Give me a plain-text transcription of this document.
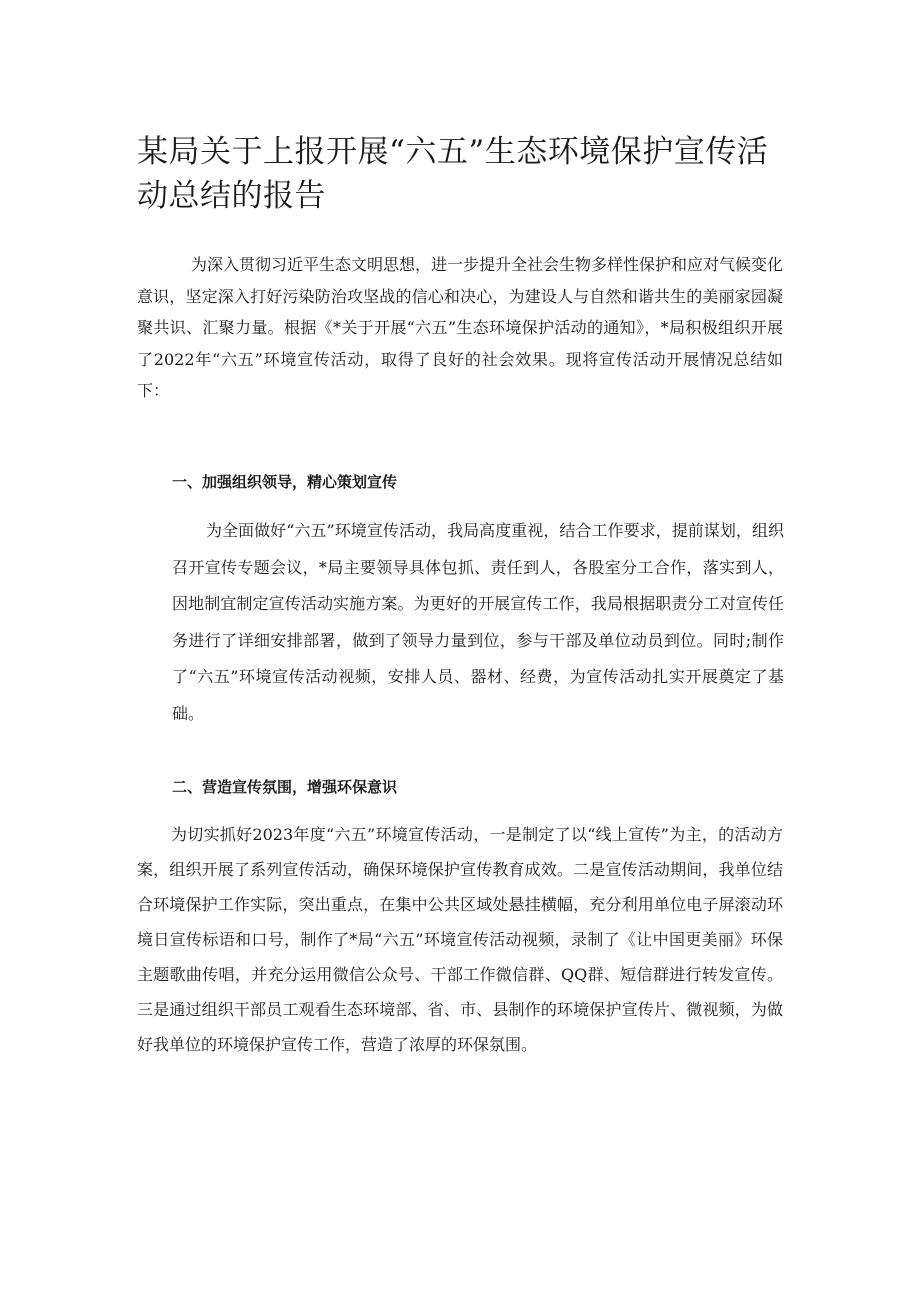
某局关于上报开展“六五”生态环境保护宣传活动总结的报告

为深入贯彻习近平生态文明思想，进一步提升全社会生物多样性保护和应对气候变化意识，坚定深入打好污染防治攻坚战的信心和决心，为建设人与自然和谐共生的美丽家园凝聚共识、汇聚力量。根据《*关于开展“六五”生态环境保护活动的通知》，*局积极组织开展了2022年“六五”环境宣传活动，取得了良好的社会效果。现将宣传活动开展情况总结如下：

一、加强组织领导，精心策划宣传

为全面做好“六五”环境宣传活动，我局高度重视，结合工作要求，提前谋划，组织召开宣传专题会议，*局主要领导具体包抓、责任到人，各股室分工合作，落实到人，因地制宜制定宣传活动实施方案。为更好的开展宣传工作，我局根据职责分工对宣传任务进行了详细安排部署，做到了领导力量到位，参与干部及单位动员到位。同时;制作了“六五”环境宣传活动视频，安排人员、器材、经费，为宣传活动扎实开展奠定了基础。

二、营造宣传氛围，增强环保意识

为切实抓好2023年度“六五”环境宣传活动，一是制定了以“线上宣传”为主，的活动方案，组织开展了系列宣传活动，确保环境保护宣传教育成效。二是宣传活动期间，我单位结合环境保护工作实际，突出重点，在集中公共区域处悬挂横幅，充分利用单位电子屏滚动环境日宣传标语和口号，制作了*局“六五”环境宣传活动视频，录制了《让中国更美丽》环保主题歌曲传唱，并充分运用微信公众号、干部工作微信群、QQ群、短信群进行转发宣传。三是通过组织干部员工观看生态环境部、省、市、县制作的环境保护宣传片、微视频，为做好我单位的环境保护宣传工作，营造了浓厚的环保氛围。
